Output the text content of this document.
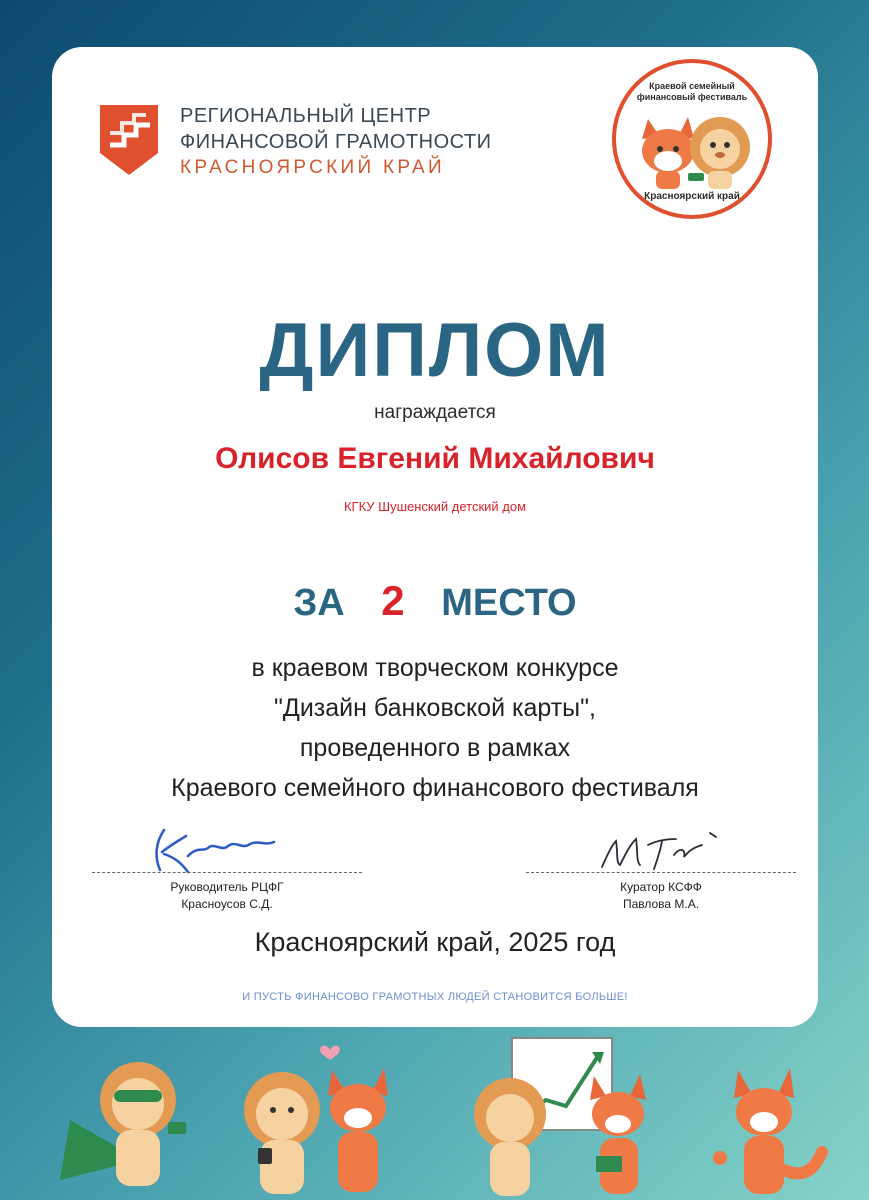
РЕГИОНАЛЬНЫЙ ЦЕНТР
ФИНАНСОВОЙ ГРАМОТНОСТИ
КРАСНОЯРСКИЙ КРАЙ
Краевой семейный
финансовый фестиваль
Красноярский край
ДИПЛОМ
награждается
Олисов Евгений Михайлович
КГКУ Шушенский детский дом
ЗА 2 МЕСТО
в краевом творческом конкурсе
"Дизайн банковской карты",
проведенного в рамках
Краевого семейного финансового фестиваля
Руководитель РЦФГ
Красноусов С.Д.
Куратор КСФФ
Павлова М.А.
Красноярский край, 2025 год
И ПУСТЬ ФИНАНСОВО ГРАМОТНЫХ ЛЮДЕЙ СТАНОВИТСЯ БОЛЬШЕ!
